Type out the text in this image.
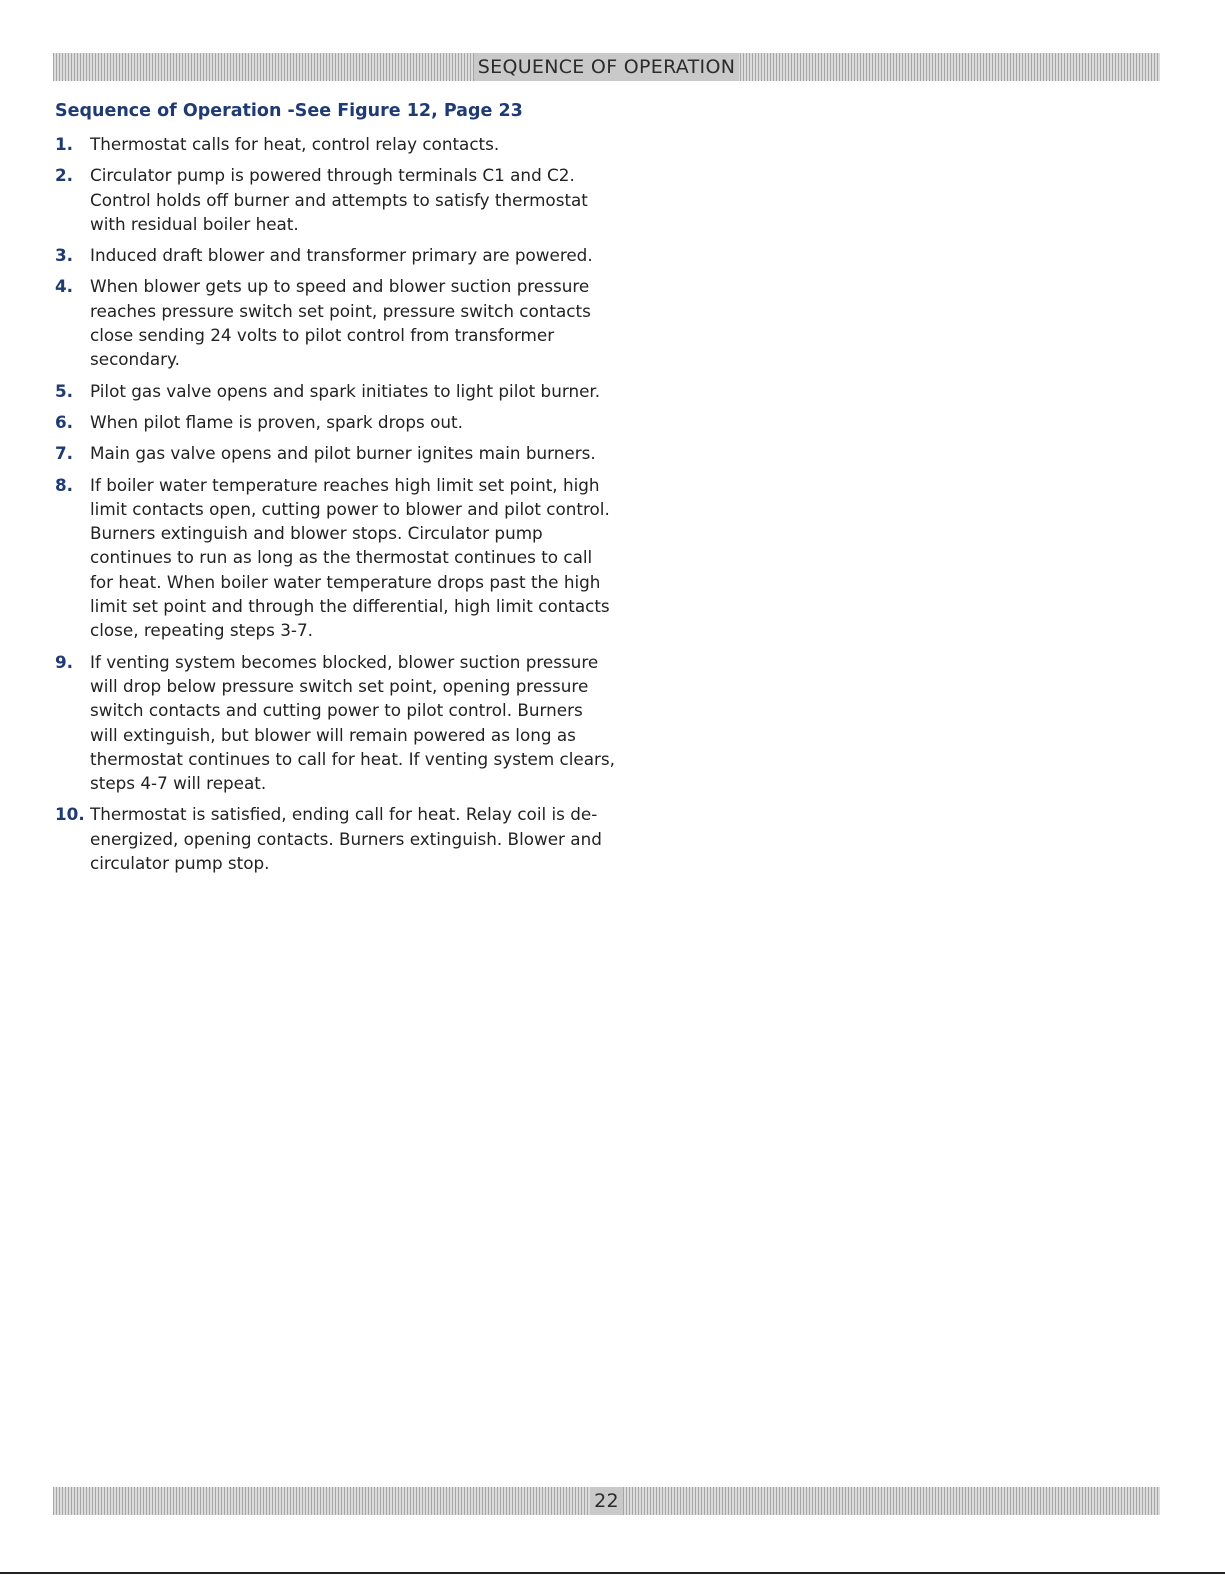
SEQUENCE OF OPERATION
Sequence of Operation -See Figure 12, Page 23
1.	Thermostat calls for heat, control relay contacts.
2.	Circulator pump is powered through terminals C1 and C2. Control holds off burner and attempts to satisfy thermostat with residual boiler heat.
3.	Induced draft blower and transformer primary are powered.
4.	When blower gets up to speed and blower suction pressure reaches pressure switch set point, pressure switch contacts close sending 24 volts to pilot control from transformer secondary.
5.	Pilot gas valve opens and spark initiates to light pilot burner.
6.	When pilot flame is proven, spark drops out.
7.	Main gas valve opens and pilot burner ignites main burners.
8.	If boiler water temperature reaches high limit set point, high limit contacts open, cutting power to blower and pilot control. Burners extinguish and blower stops. Circulator pump continues to run as long as the thermostat continues to call for heat. When boiler water temperature drops past the high limit set point and through the differential, high limit contacts close, repeating steps 3-7.
9.	If venting system becomes blocked, blower suction pressure will drop below pressure switch set point, opening pressure switch contacts and cutting power to pilot control. Burners will extinguish, but blower will remain powered as long as thermostat continues to call for heat. If venting system clears, steps 4-7 will repeat.
10. Thermostat is satisfied, ending call for heat. Relay coil is de-energized, opening contacts. Burners extinguish. Blower and circulator pump stop.
22
